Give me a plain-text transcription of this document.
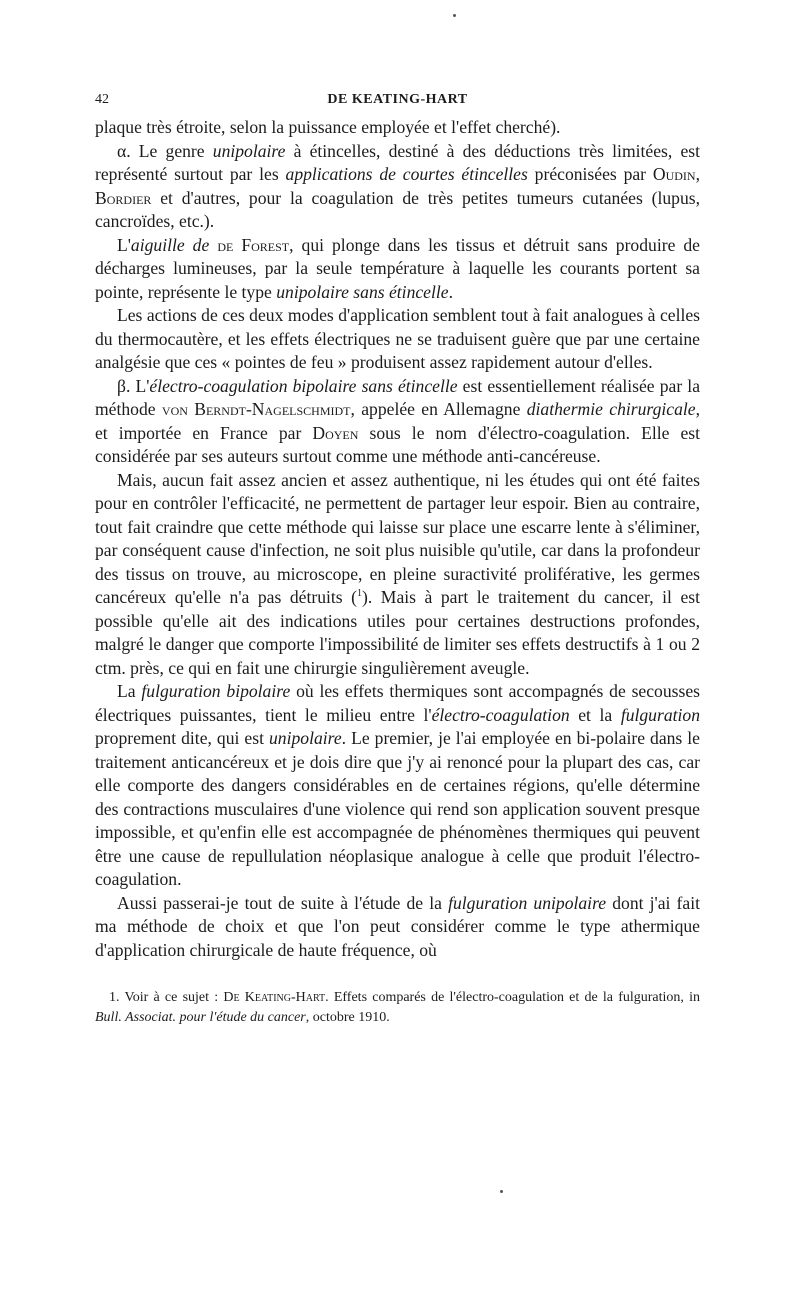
42	DE KEATING-HART

plaque très étroite, selon la puissance employée et l'effet cherché).

α. Le genre unipolaire à étincelles, destiné à des déductions très limitées, est représenté surtout par les applications de courtes étincelles préconisées par Oudin, Bordier et d'autres, pour la coagulation de très petites tumeurs cutanées (lupus, cancroïdes, etc.).

L'aiguille de de Forest, qui plonge dans les tissus et détruit sans produire de décharges lumineuses, par la seule température à laquelle les courants portent sa pointe, représente le type unipolaire sans étincelle.

Les actions de ces deux modes d'application semblent tout à fait analogues à celles du thermocautère, et les effets électriques ne se traduisent guère que par une certaine analgésie que ces « pointes de feu » produisent assez rapidement autour d'elles.

β. L'électro-coagulation bipolaire sans étincelle est essentiellement réalisée par la méthode von Berndt-Nagelschmidt, appelée en Allemagne diathermie chirurgicale, et importée en France par Doyen sous le nom d'électro-coagulation. Elle est considérée par ses auteurs surtout comme une méthode anti-cancéreuse.

Mais, aucun fait assez ancien et assez authentique, ni les études qui ont été faites pour en contrôler l'efficacité, ne permettent de partager leur espoir. Bien au contraire, tout fait craindre que cette méthode qui laisse sur place une escarre lente à s'éliminer, par conséquent cause d'infection, ne soit plus nuisible qu'utile, car dans la profondeur des tissus on trouve, au microscope, en pleine suractivité proliférative, les germes cancéreux qu'elle n'a pas détruits ($^1$). Mais à part le traitement du cancer, il est possible qu'elle ait des indications utiles pour certaines destructions profondes, malgré le danger que comporte l'impossibilité de limiter ses effets destructifs à 1 ou 2 ctm. près, ce qui en fait une chirurgie singulièrement aveugle.

La fulguration bipolaire où les effets thermiques sont accompagnés de secousses électriques puissantes, tient le milieu entre l'électro-coagulation et la fulguration proprement dite, qui est unipolaire. Le premier, je l'ai employée en bi-polaire dans le traitement anticancéreux et je dois dire que j'y ai renoncé pour la plupart des cas, car elle comporte des dangers considérables en de certaines régions, qu'elle détermine des contractions musculaires d'une violence qui rend son application souvent presque impossible, et qu'enfin elle est accompagnée de phénomènes thermiques qui peuvent être une cause de repullulation néoplasique analogue à celle que produit l'électro-coagulation.

Aussi passerai-je tout de suite à l'étude de la fulguration unipolaire dont j'ai fait ma méthode de choix et que l'on peut considérer comme le type athermique d'application chirurgicale de haute fréquence, où

1. Voir à ce sujet : De Keating-Hart. Effets comparés de l'électro-coagulation et de la fulguration, in Bull. Associat. pour l'étude du cancer, octobre 1910.
